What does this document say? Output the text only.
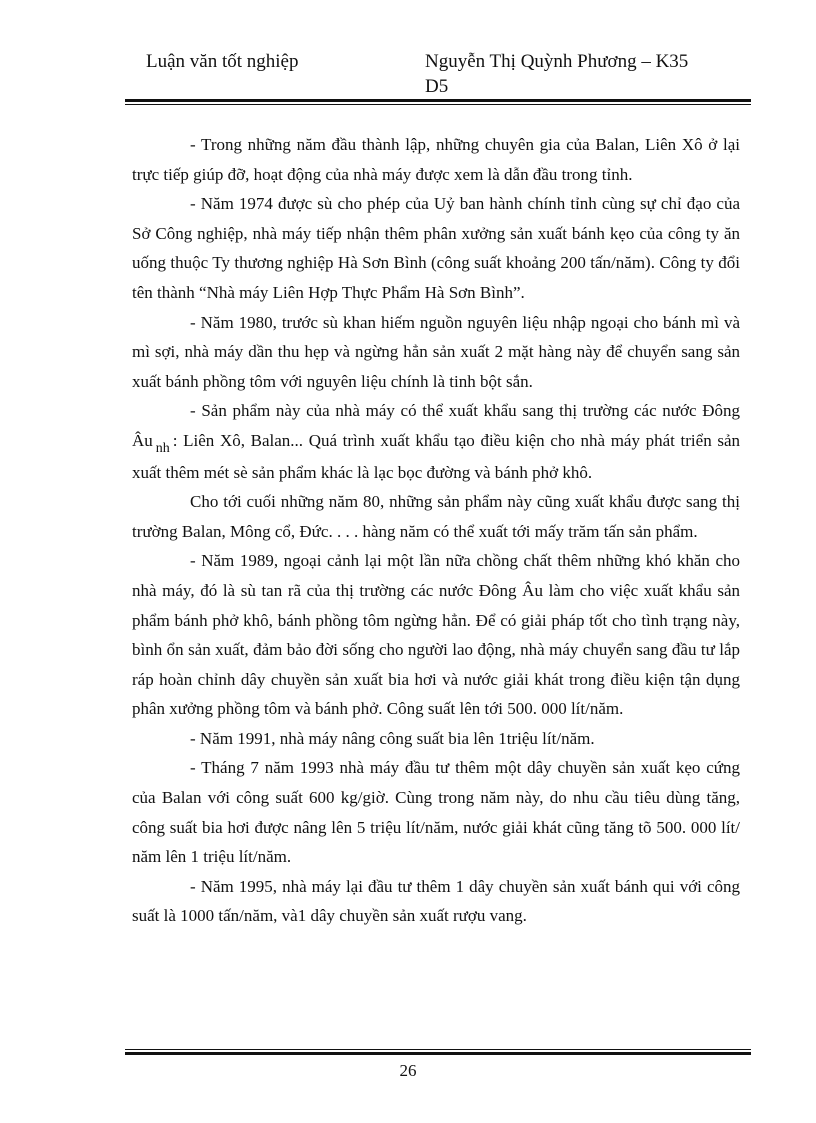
Luận văn tốt nghiệp	Nguyễn Thị Quỳnh Phương – K35
D5

- Trong những năm đầu thành lập, những chuyên gia của Balan, Liên Xô ở lại trực tiếp giúp đỡ, hoạt động của nhà máy được xem là dẫn đầu trong tỉnh.

- Năm 1974 được sù cho phép của Uỷ ban hành chính tỉnh cùng sự chỉ đạo của Sở Công nghiệp, nhà máy tiếp nhận thêm phân xưởng sản xuất bánh kẹo của công ty ăn uống thuộc Ty thương nghiệp Hà Sơn Bình (công suất khoảng 200 tấn/năm). Công ty đổi tên thành “Nhà máy Liên Hợp Thực Phẩm Hà Sơn Bình”.

- Năm 1980, trước sù khan hiếm nguồn nguyên liệu nhập ngoại cho bánh mì và mì sợi, nhà máy dần thu hẹp và ngừng hẳn sản xuất 2 mặt hàng này để chuyển sang sản xuất bánh phồng tôm với nguyên liệu chính là tinh bột sắn.

- Sản phẩm này của nhà máy có thể xuất khẩu sang thị trường các nước Đông Âu $_{nh}$ : Liên Xô, Balan... Quá trình xuất khẩu tạo điều kiện cho nhà máy phát triển sản xuất thêm mét sè sản phẩm khác là lạc bọc đường và bánh phở khô.

Cho tới cuối những năm 80, những sản phẩm này cũng xuất khẩu được sang thị trường Balan, Mông cổ, Đức. . . . hàng năm có thể xuất tới mấy trăm tấn sản phẩm.

- Năm 1989, ngoại cảnh lại một lần nữa chồng chất thêm những khó khăn cho nhà máy, đó là sù tan rã của thị trường các nước Đông Âu làm cho việc xuất khẩu sản phẩm bánh phở khô, bánh phồng tôm ngừng hẳn. Để có giải pháp tốt cho tình trạng này, bình ổn sản xuất, đảm bảo đời sống cho người lao động, nhà máy chuyển sang đầu tư lắp ráp hoàn chỉnh dây chuyền sản xuất bia hơi và nước giải khát trong điều kiện tận dụng phân xưởng phồng tôm và bánh phở. Công suất lên tới 500. 000 lít/năm.

- Năm 1991, nhà máy nâng công suất bia lên 1triệu lít/năm.

- Tháng 7 năm 1993 nhà máy đầu tư thêm một dây chuyền sản xuất kẹo cứng của Balan với công suất 600 kg/giờ. Cùng trong năm này, do nhu cầu tiêu dùng tăng, công suất bia hơi được nâng lên 5 triệu lít/năm, nước giải khát cũng tăng tõ 500. 000 lít/ năm lên 1 triệu lít/năm.

- Năm 1995, nhà máy lại đầu tư thêm 1 dây chuyền sản xuất bánh qui với công suất là 1000 tấn/năm, và1 dây chuyền sản xuất rượu vang.

26
